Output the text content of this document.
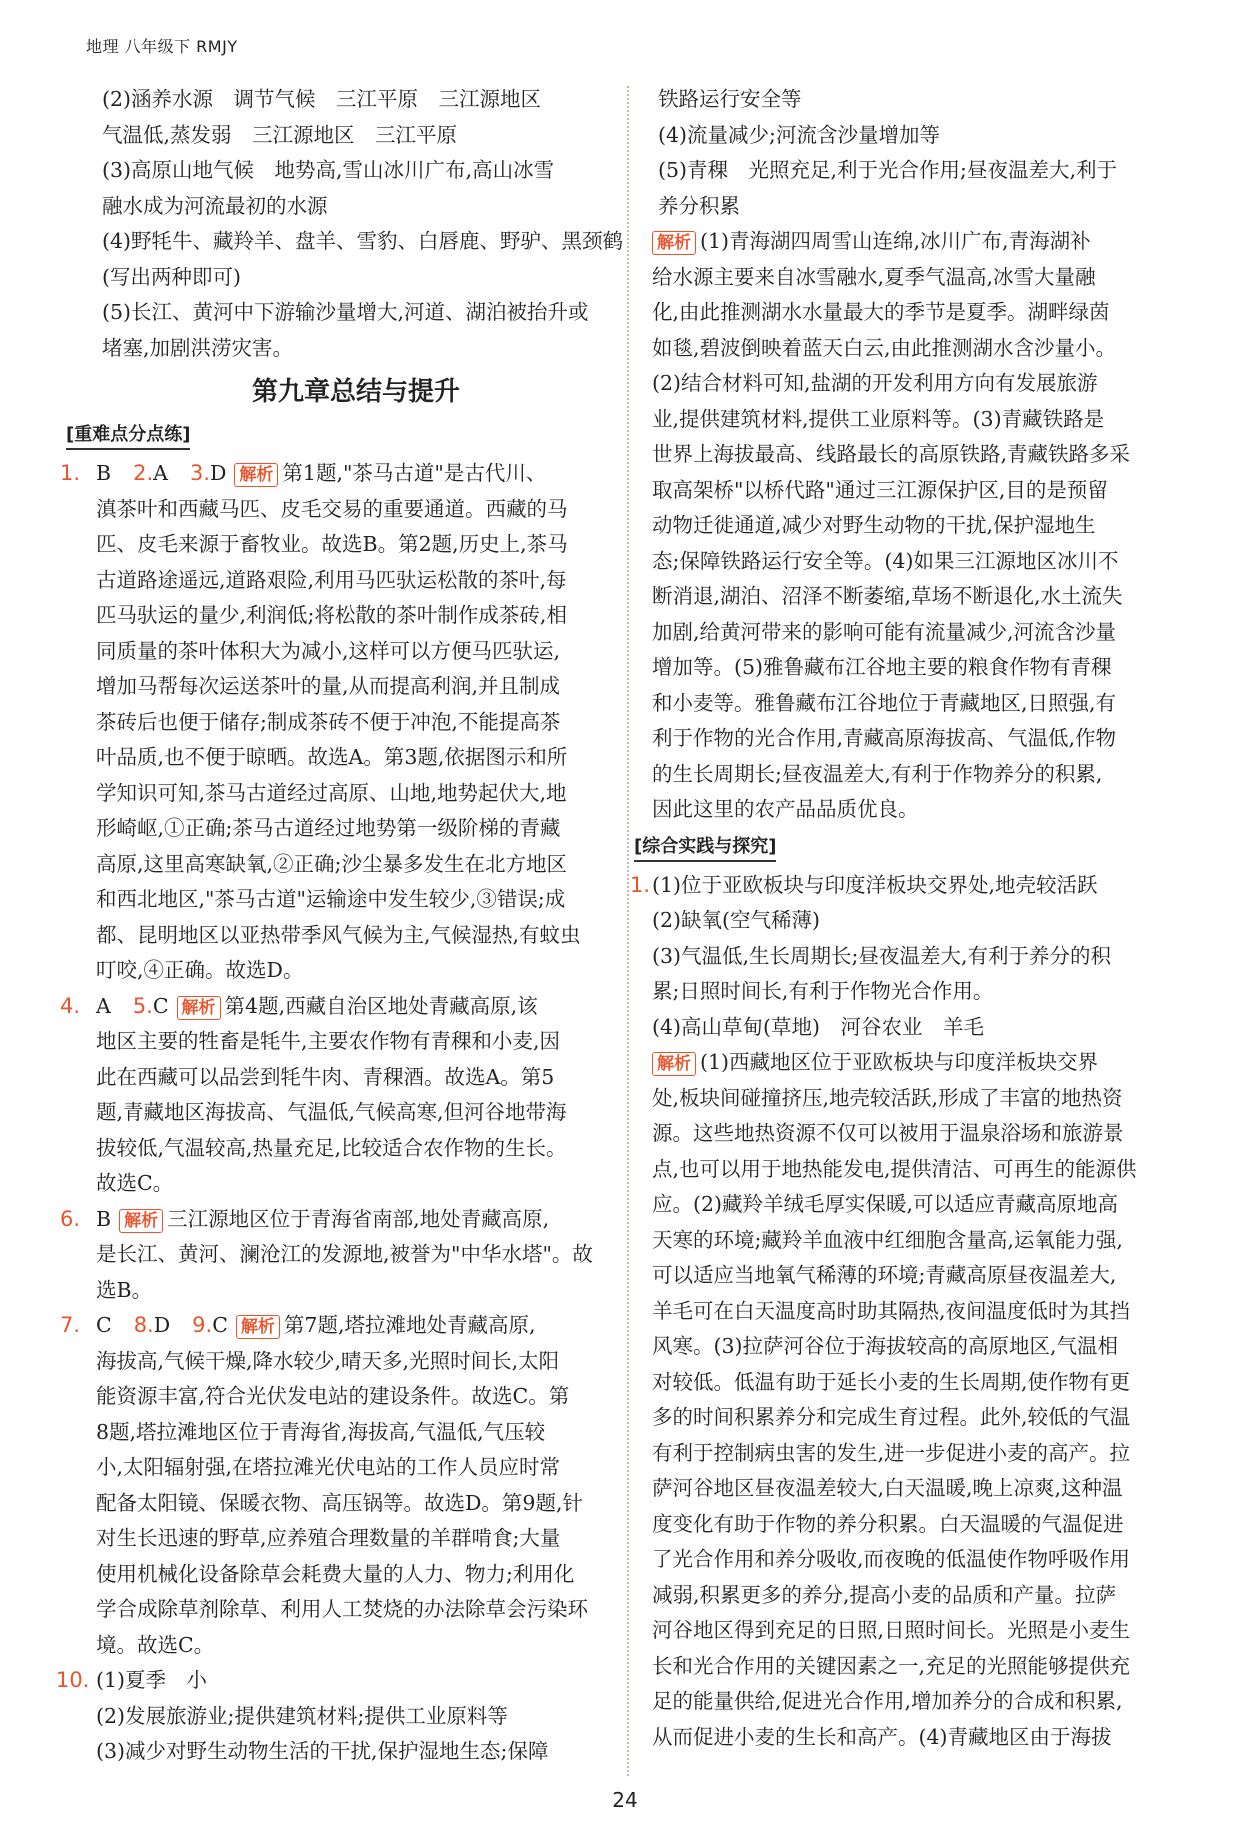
地理 八年级下 RMJY
(2)涵养水源　调节气候　三江平原　三江源地区
气温低,蒸发弱　三江源地区　三江平原
(3)高原山地气候　地势高,雪山冰川广布,高山冰雪
融水成为河流最初的水源
(4)野牦牛、藏羚羊、盘羊、雪豹、白唇鹿、野驴、黑颈鹤
(写出两种即可)
(5)长江、黄河中下游输沙量增大,河道、湖泊被抬升或
堵塞,加剧洪涝灾害。
第九章总结与提升
[重难点分点练]
1. B 2.A 3.D 解析 第1题,"茶马古道"是古代川、
滇茶叶和西藏马匹、皮毛交易的重要通道。西藏的马
匹、皮毛来源于畜牧业。故选B。第2题,历史上,茶马
古道路途遥远,道路艰险,利用马匹驮运松散的茶叶,每
匹马驮运的量少,利润低;将松散的茶叶制作成茶砖,相
同质量的茶叶体积大为减小,这样可以方便马匹驮运,
增加马帮每次运送茶叶的量,从而提高利润,并且制成
茶砖后也便于储存;制成茶砖不便于冲泡,不能提高茶
叶品质,也不便于晾晒。故选A。第3题,依据图示和所
学知识可知,茶马古道经过高原、山地,地势起伏大,地
形崎岖,①正确;茶马古道经过地势第一级阶梯的青藏
高原,这里高寒缺氧,②正确;沙尘暴多发生在北方地区
和西北地区,"茶马古道"运输途中发生较少,③错误;成
都、昆明地区以亚热带季风气候为主,气候湿热,有蚊虫
叮咬,④正确。故选D。
4. A 5.C 解析 第4题,西藏自治区地处青藏高原,该
地区主要的牲畜是牦牛,主要农作物有青稞和小麦,因
此在西藏可以品尝到牦牛肉、青稞酒。故选A。第5
题,青藏地区海拔高、气温低,气候高寒,但河谷地带海
拔较低,气温较高,热量充足,比较适合农作物的生长。
故选C。
6. B 解析 三江源地区位于青海省南部,地处青藏高原,
是长江、黄河、澜沧江的发源地,被誉为"中华水塔"。故
选B。
7. C 8.D 9.C 解析 第7题,塔拉滩地处青藏高原,
海拔高,气候干燥,降水较少,晴天多,光照时间长,太阳
能资源丰富,符合光伏发电站的建设条件。故选C。第
8题,塔拉滩地区位于青海省,海拔高,气温低,气压较
小,太阳辐射强,在塔拉滩光伏电站的工作人员应时常
配备太阳镜、保暖衣物、高压锅等。故选D。第9题,针
对生长迅速的野草,应养殖合理数量的羊群啃食;大量
使用机械化设备除草会耗费大量的人力、物力;利用化
学合成除草剂除草、利用人工焚烧的办法除草会污染环
境。故选C。
10. (1)夏季　小
(2)发展旅游业;提供建筑材料;提供工业原料等
(3)减少对野生动物生活的干扰,保护湿地生态;保障
铁路运行安全等
(4)流量减少;河流含沙量增加等
(5)青稞　光照充足,利于光合作用;昼夜温差大,利于
养分积累
解析 (1)青海湖四周雪山连绵,冰川广布,青海湖补
给水源主要来自冰雪融水,夏季气温高,冰雪大量融
化,由此推测湖水水量最大的季节是夏季。湖畔绿茵
如毯,碧波倒映着蓝天白云,由此推测湖水含沙量小。
(2)结合材料可知,盐湖的开发利用方向有发展旅游
业,提供建筑材料,提供工业原料等。(3)青藏铁路是
世界上海拔最高、线路最长的高原铁路,青藏铁路多采
取高架桥"以桥代路"通过三江源保护区,目的是预留
动物迁徙通道,减少对野生动物的干扰,保护湿地生
态;保障铁路运行安全等。(4)如果三江源地区冰川不
断消退,湖泊、沼泽不断萎缩,草场不断退化,水土流失
加剧,给黄河带来的影响可能有流量减少,河流含沙量
增加等。(5)雅鲁藏布江谷地主要的粮食作物有青稞
和小麦等。雅鲁藏布江谷地位于青藏地区,日照强,有
利于作物的光合作用,青藏高原海拔高、气温低,作物
的生长周期长;昼夜温差大,有利于作物养分的积累,
因此这里的农产品品质优良。
[综合实践与探究]
1.(1)位于亚欧板块与印度洋板块交界处,地壳较活跃
(2)缺氧(空气稀薄)
(3)气温低,生长周期长;昼夜温差大,有利于养分的积
累;日照时间长,有利于作物光合作用。
(4)高山草甸(草地)　河谷农业　羊毛
解析 (1)西藏地区位于亚欧板块与印度洋板块交界
处,板块间碰撞挤压,地壳较活跃,形成了丰富的地热资
源。这些地热资源不仅可以被用于温泉浴场和旅游景
点,也可以用于地热能发电,提供清洁、可再生的能源供
应。(2)藏羚羊绒毛厚实保暖,可以适应青藏高原地高
天寒的环境;藏羚羊血液中红细胞含量高,运氧能力强,
可以适应当地氧气稀薄的环境;青藏高原昼夜温差大,
羊毛可在白天温度高时助其隔热,夜间温度低时为其挡
风寒。(3)拉萨河谷位于海拔较高的高原地区,气温相
对较低。低温有助于延长小麦的生长周期,使作物有更
多的时间积累养分和完成生育过程。此外,较低的气温
有利于控制病虫害的发生,进一步促进小麦的高产。拉
萨河谷地区昼夜温差较大,白天温暖,晚上凉爽,这种温
度变化有助于作物的养分积累。白天温暖的气温促进
了光合作用和养分吸收,而夜晚的低温使作物呼吸作用
减弱,积累更多的养分,提高小麦的品质和产量。拉萨
河谷地区得到充足的日照,日照时间长。光照是小麦生
长和光合作用的关键因素之一,充足的光照能够提供充
足的能量供给,促进光合作用,增加养分的合成和积累,
从而促进小麦的生长和高产。(4)青藏地区由于海拔
24
